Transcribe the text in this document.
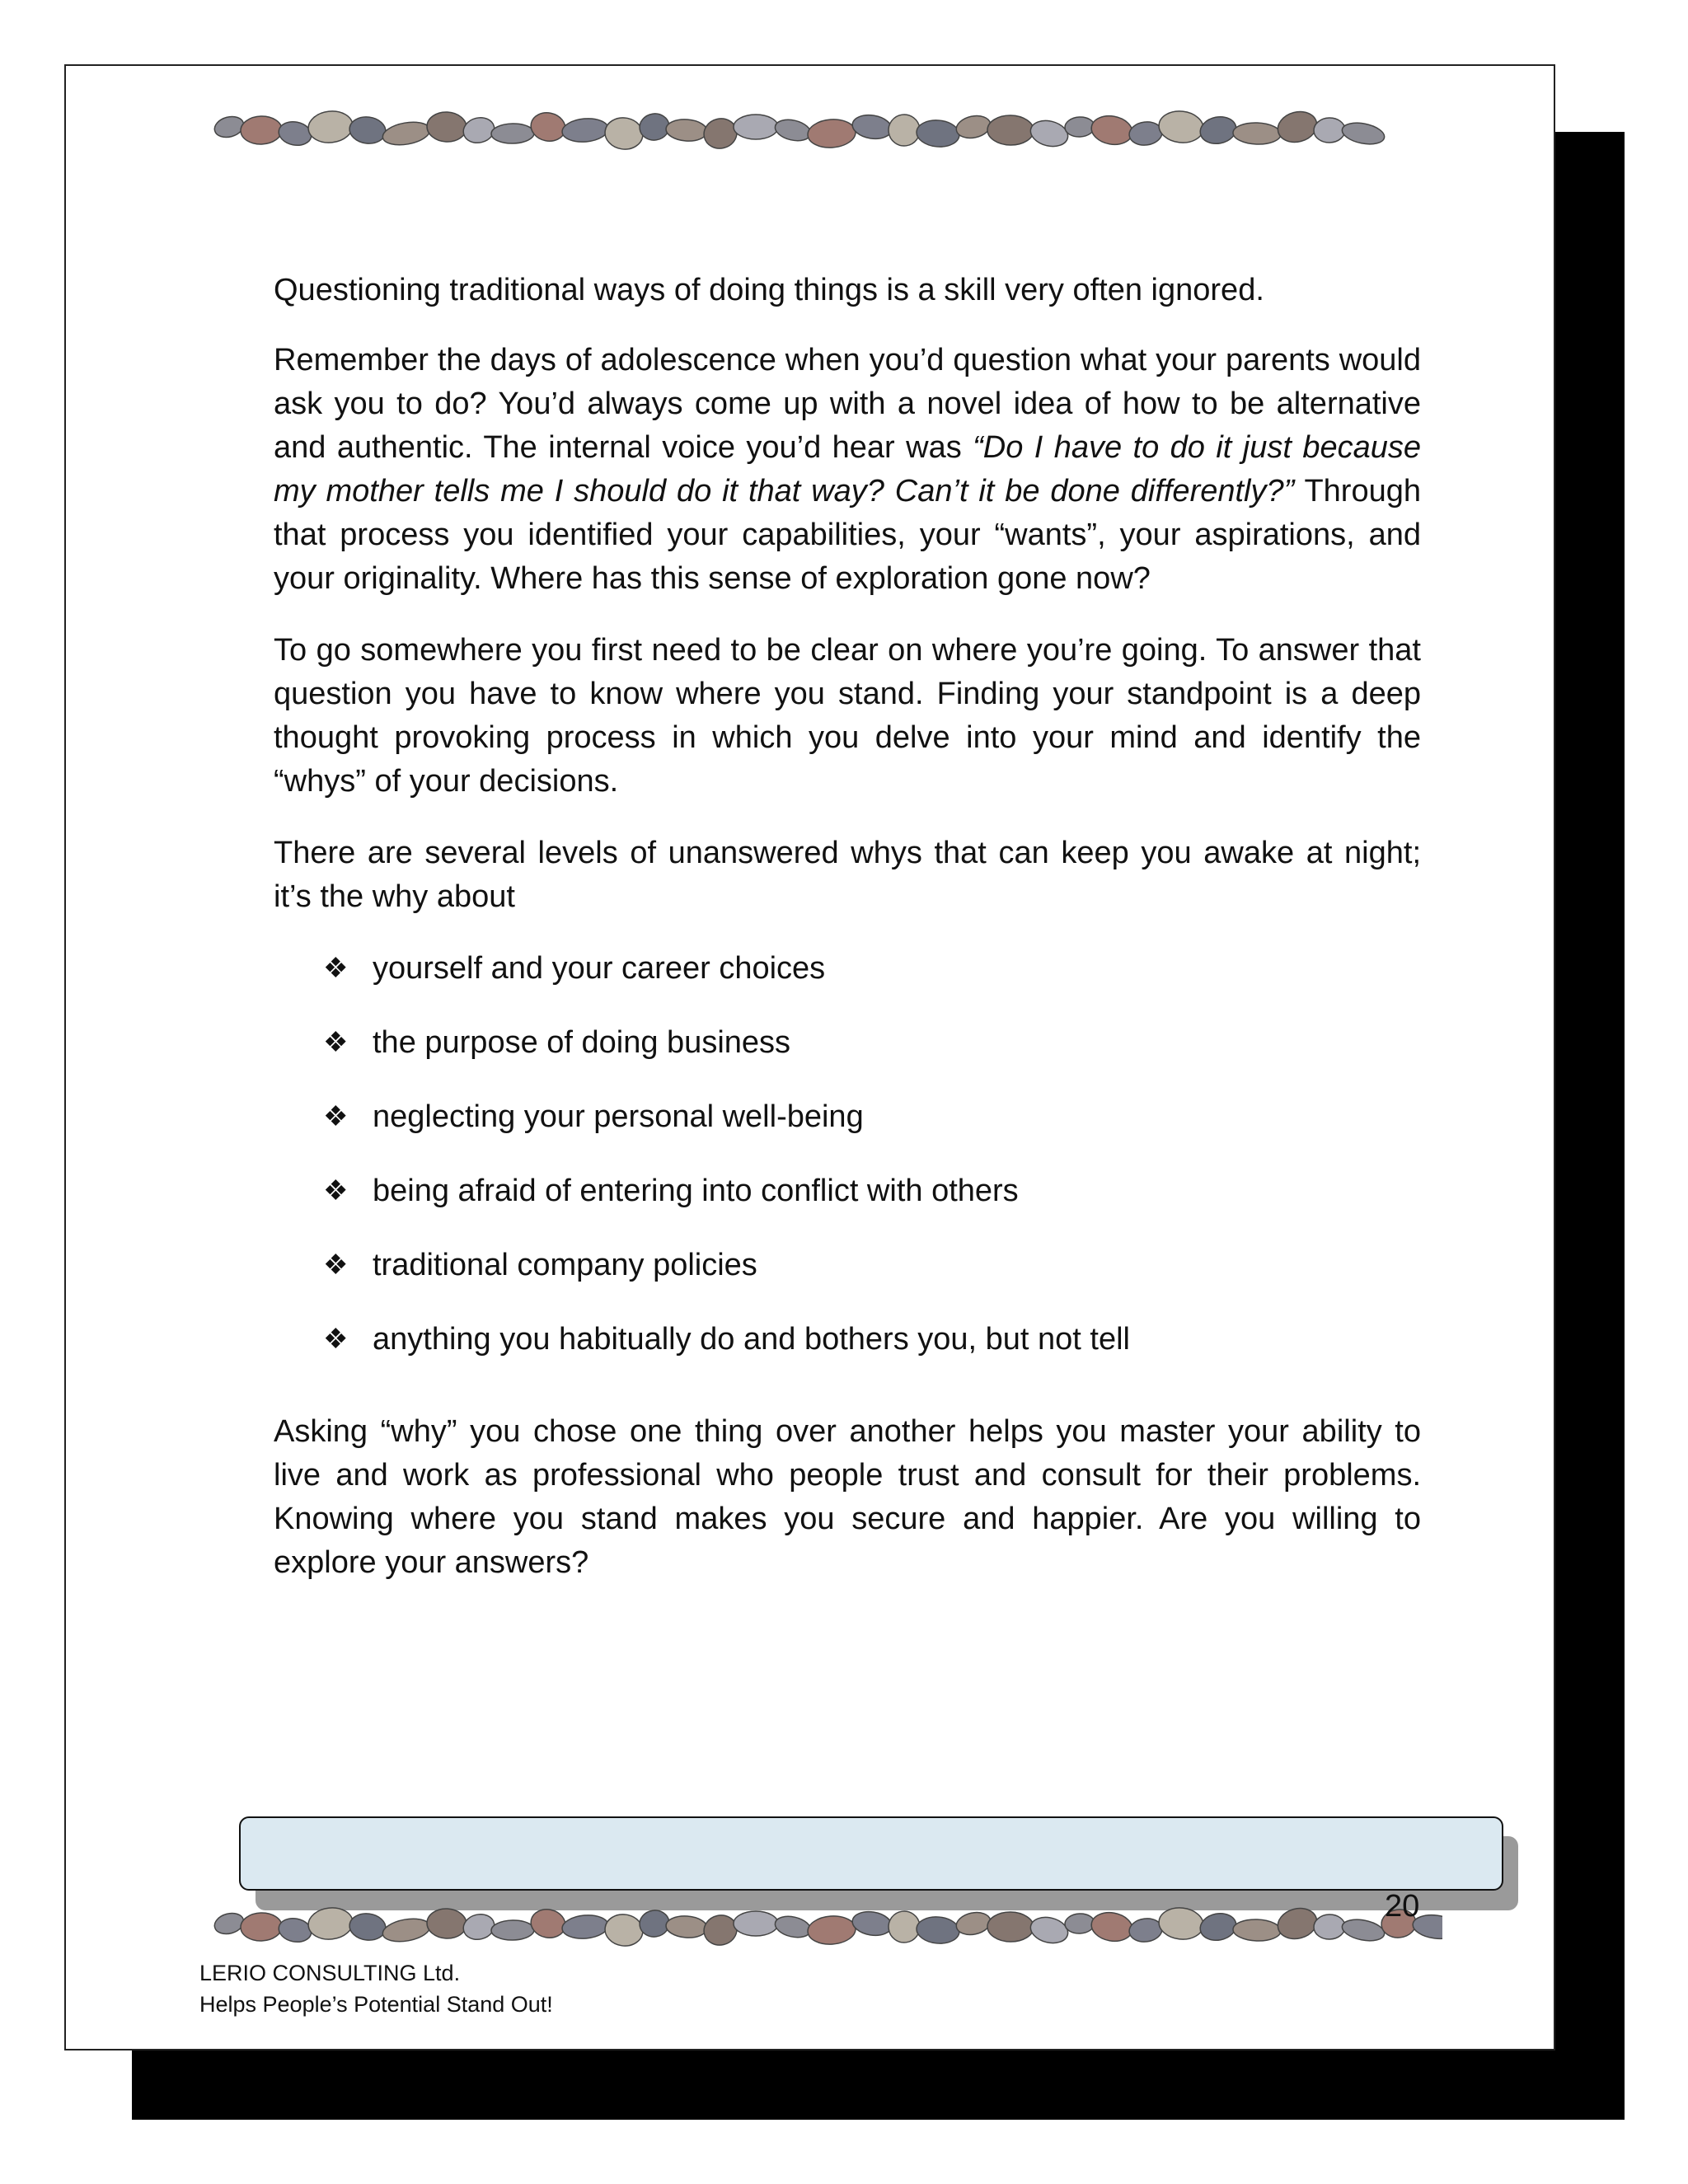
Questioning traditional ways of doing things is a skill very often ignored.

Remember the days of adolescence when you’d question what your parents would ask you to do? You’d always come up with a novel idea of how to be alternative and authentic. The internal voice you’d hear was “Do I have to do it just because my mother tells me I should do it that way? Can’t it be done differently?” Through that process you identified your capabilities, your “wants”, your aspirations, and your originality. Where has this sense of exploration gone now?

To go somewhere you first need to be clear on where you’re going. To answer that question you have to know where you stand. Finding your standpoint is a deep thought provoking process in which you delve into your mind and identify the “whys” of your decisions.

There are several levels of unanswered whys that can keep you awake at night; it’s the why about

❖ yourself and your career choices
❖ the purpose of doing business
❖ neglecting your personal well-being
❖ being afraid of entering into conflict with others
❖ traditional company policies
❖ anything you habitually do and bothers you, but not tell

Asking “why” you chose one thing over another helps you master your ability to live and work as professional who people trust and consult for their problems. Knowing where you stand makes you secure and happier. Are you willing to explore your answers?

20
LERIO CONSULTING Ltd.
Helps People’s Potential Stand Out!
